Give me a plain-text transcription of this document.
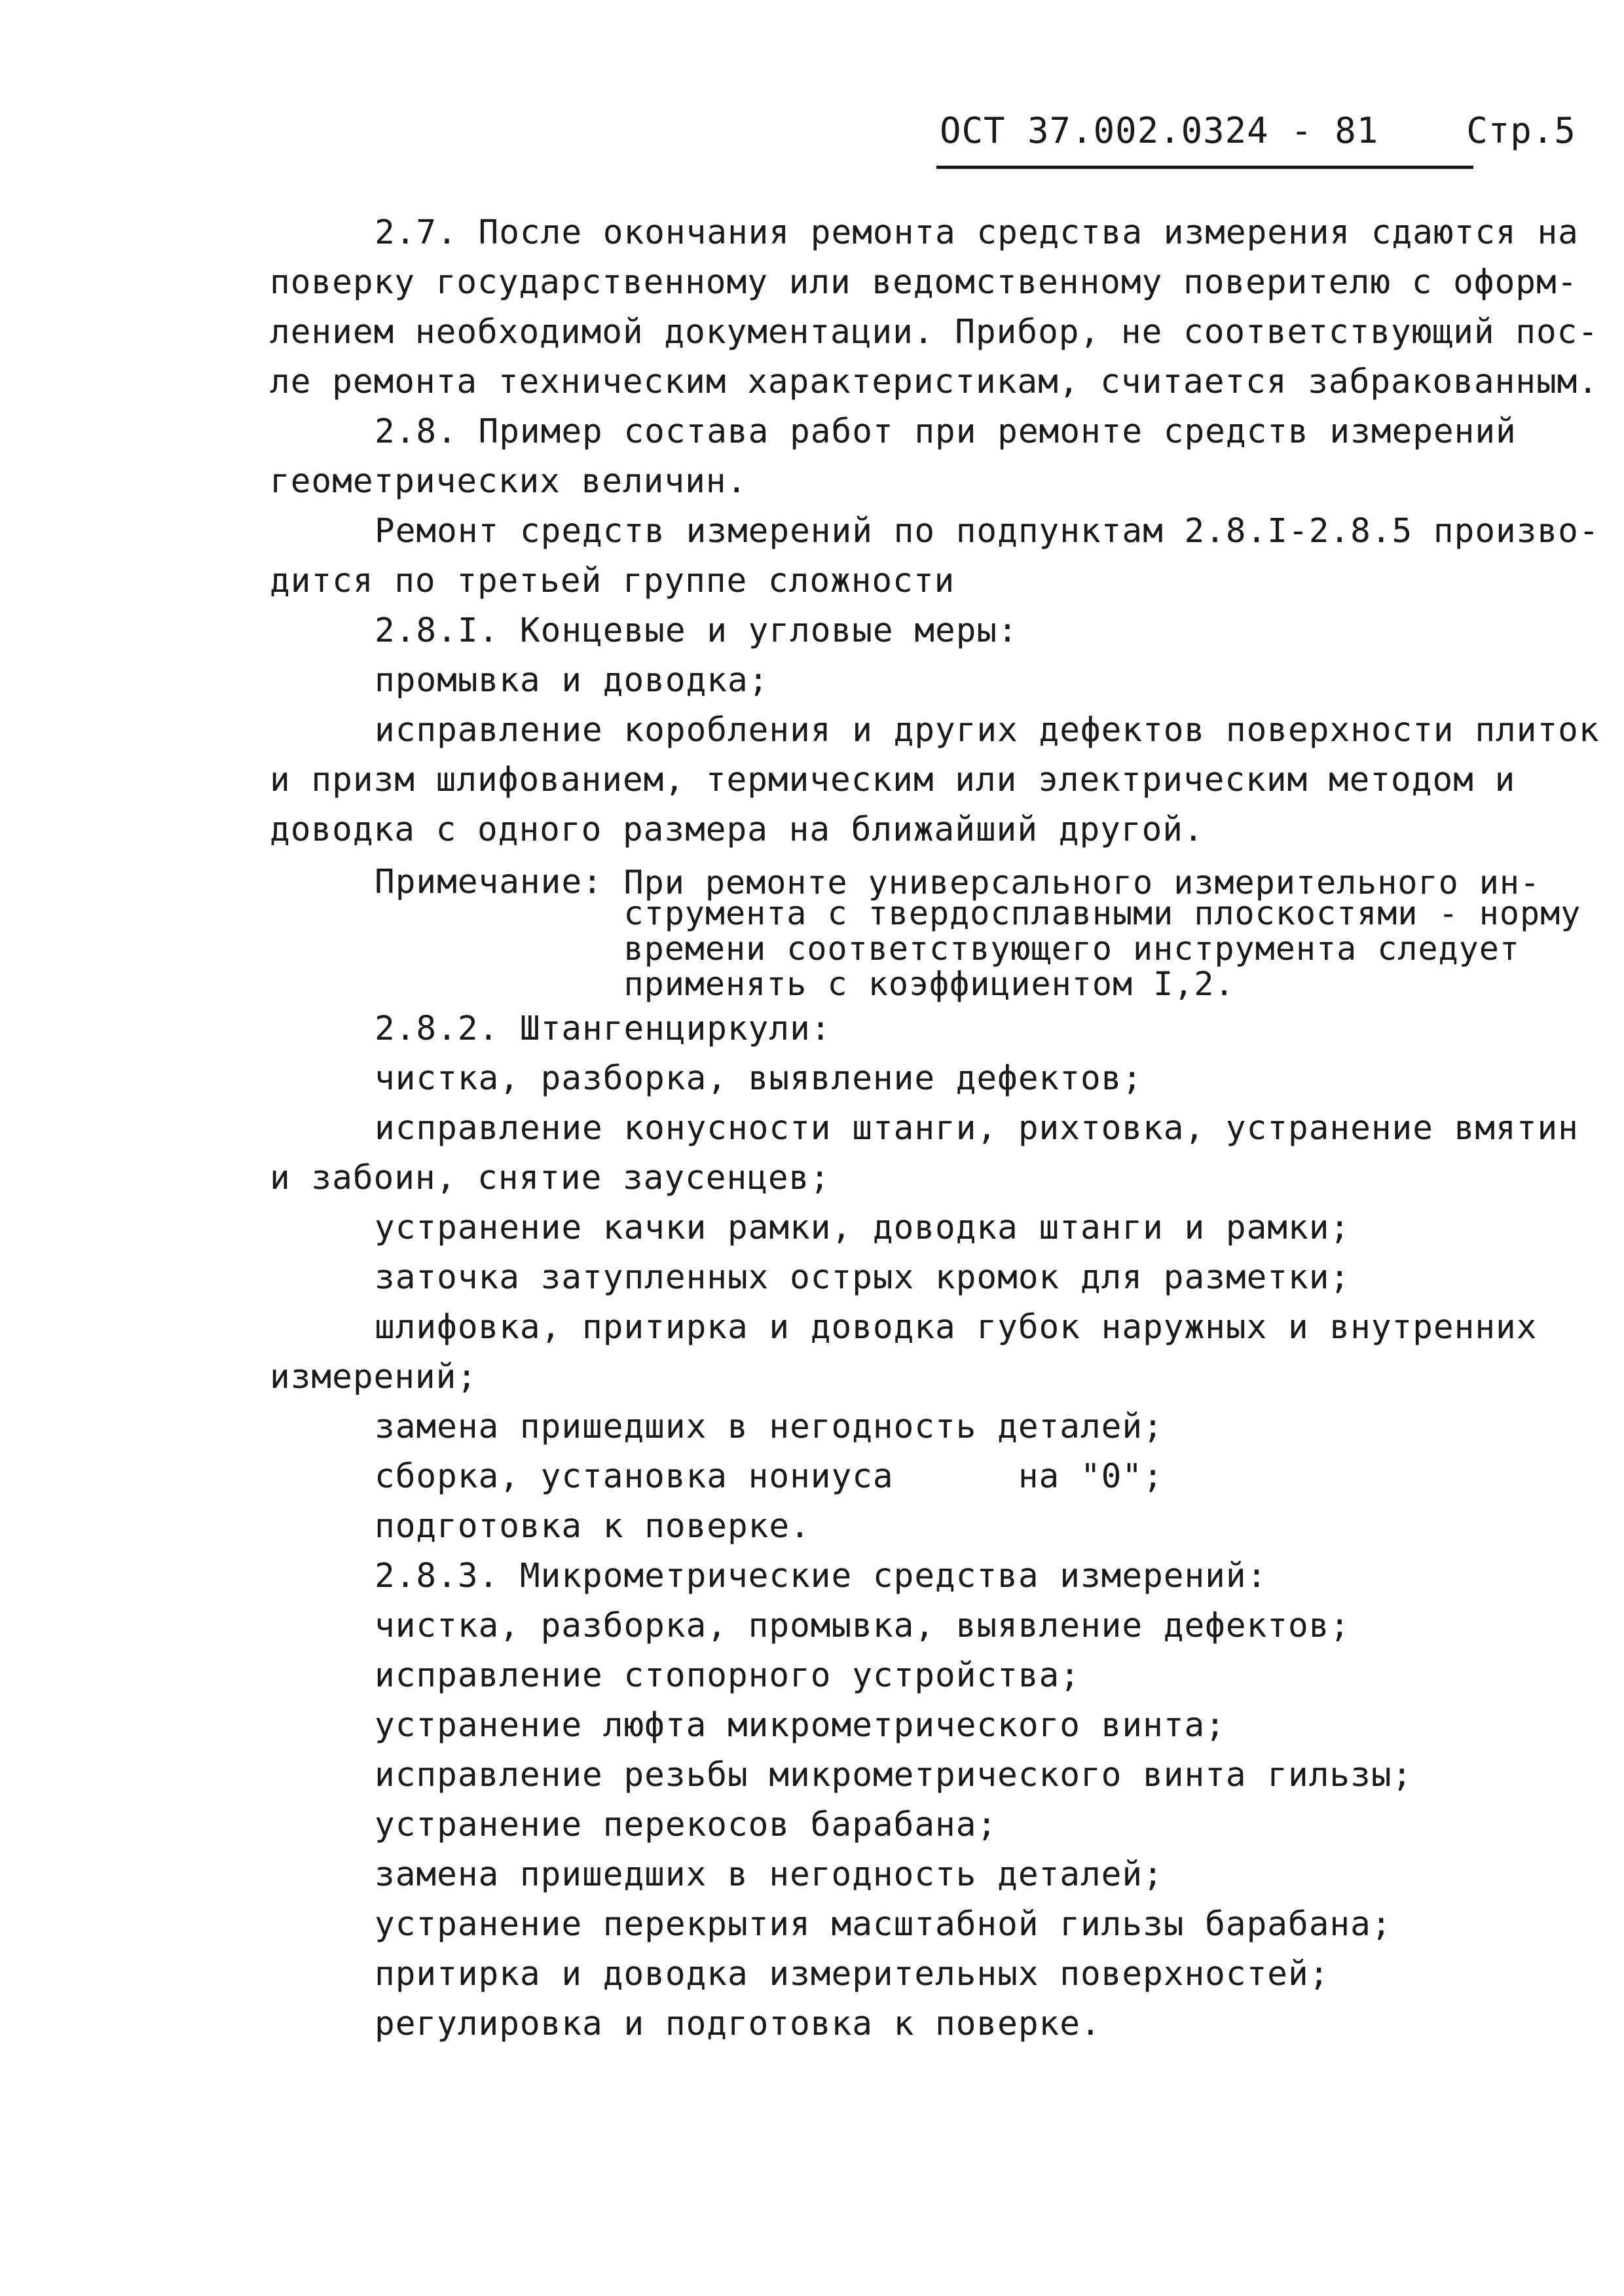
ОСТ 37.002.0324 - 81 Стр.5
2.7. После окончания ремонта средства измерения сдаются на
поверку государственному или ведомственному поверителю с оформ-
лением необходимой документации. Прибор, не соответствующий пос-
ле ремонта техническим характеристикам, считается забракованным.
2.8. Пример состава работ при ремонте средств измерений
геометрических величин.
Ремонт средств измерений по подпунктам 2.8.I-2.8.5 произво-
дится по третьей группе сложности
2.8.I. Концевые и угловые меры:
промывка и доводка;
исправление коробления и других дефектов поверхности плиток
и призм шлифованием, термическим или электрическим методом и
доводка с одного размера на ближайший другой.
Примечание:
При ремонте универсального измерительного ин-
струмента с твердосплавными плоскостями - норму
времени соответствующего инструмента следует
применять с коэффициентом I,2.
2.8.2. Штангенциркули:
чистка, разборка, выявление дефектов;
исправление конусности штанги, рихтовка, устранение вмятин
и забоин, снятие заусенцев;
устранение качки рамки, доводка штанги и рамки;
заточка затупленных острых кромок для разметки;
шлифовка, притирка и доводка губок наружных и внутренних
измерений;
замена пришедших в негодность деталей;
сборка, установка нониуса      на "0";
подготовка к поверке.
2.8.3. Микрометрические средства измерений:
чистка, разборка, промывка, выявление дефектов;
исправление стопорного устройства;
устранение люфта микрометрического винта;
исправление резьбы микрометрического винта гильзы;
устранение перекосов барабана;
замена пришедших в негодность деталей;
устранение перекрытия масштабной гильзы барабана;
притирка и доводка измерительных поверхностей;
регулировка и подготовка к поверке.
